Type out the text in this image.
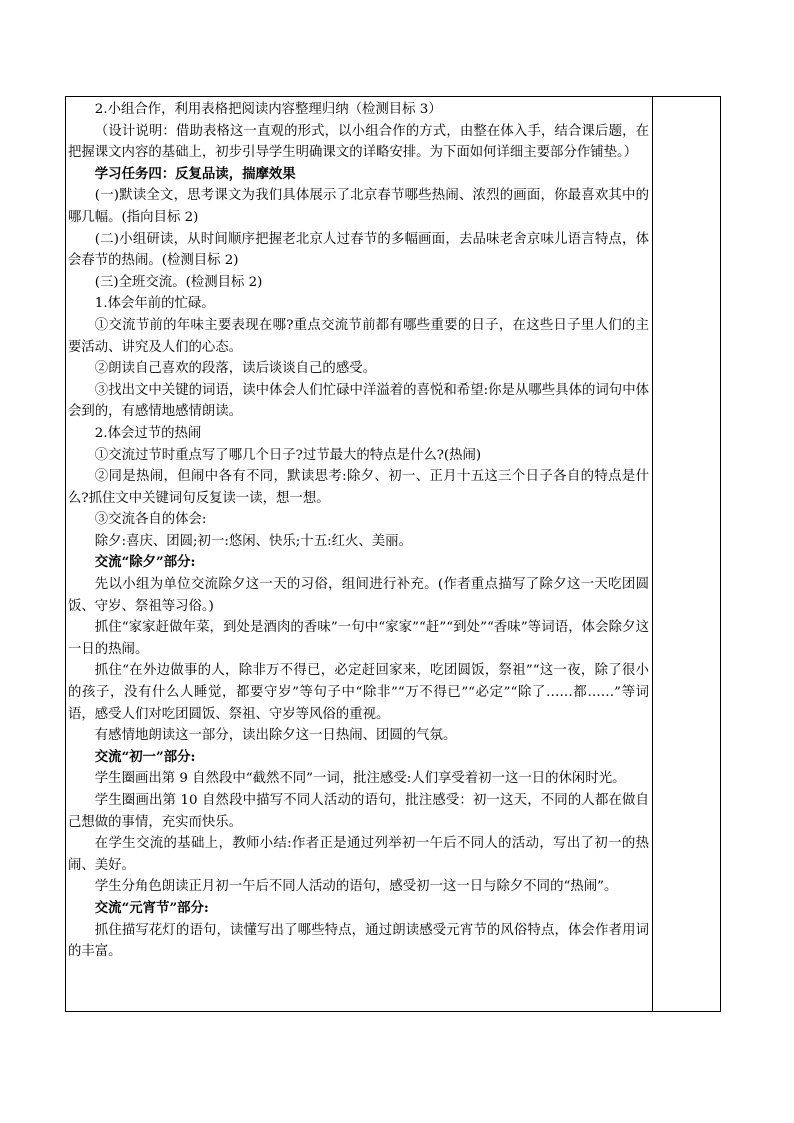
2.小组合作，利用表格把阅读内容整理归纳（检测目标 3）

（设计说明：借助表格这一直观的形式，以小组合作的方式，由整在体入手，结合课后题，在把握课文内容的基础上，初步引导学生明确课文的详略安排。为下面如何详细主要部分作铺垫。）

学习任务四：反复品读，揣摩效果

(一)默读全文，思考课文为我们具体展示了北京春节哪些热闹、浓烈的画面，你最喜欢其中的哪几幅。(指向目标 2)

(二)小组研读，从时间顺序把握老北京人过春节的多幅画面，去品味老舍京味儿语言特点，体会春节的热闹。(检测目标 2)

(三)全班交流。(检测目标 2)

1.体会年前的忙碌。

①交流节前的年味主要表现在哪?重点交流节前都有哪些重要的日子，在这些日子里人们的主要活动、讲究及人们的心态。

②朗读自己喜欢的段落，读后谈谈自己的感受。

③找出文中关键的词语，读中体会人们忙碌中洋溢着的喜悦和希望:你是从哪些具体的词句中体会到的，有感情地感情朗读。

2.体会过节的热闹

①交流过节时重点写了哪几个日子?过节最大的特点是什么?(热闹)

②同是热闹，但闹中各有不同，默读思考:除夕、初一、正月十五这三个日子各自的特点是什么?抓住文中关键词句反复读一读，想一想。

③交流各自的体会:

除夕:喜庆、团圆;初一:悠闲、快乐;十五:红火、美丽。

交流“除夕”部分:

先以小组为单位交流除夕这一天的习俗，组间进行补充。(作者重点描写了除夕这一天吃团圆饭、守岁、祭祖等习俗。)

抓住“家家赶做年菜，到处是酒肉的香味”一句中“家家”“赶”“到处”“香味”等词语，体会除夕这一日的热闹。

抓住“在外边做事的人，除非万不得已，必定赶回家来，吃团圆饭，祭祖”“这一夜，除了很小的孩子，没有什么人睡觉，都要守岁”等句子中“除非”“万不得已”“必定”“除了……都……”等词语，感受人们对吃团圆饭、祭祖、守岁等风俗的重视。

有感情地朗读这一部分，读出除夕这一日热闹、团圆的气氛。

交流“初一”部分:

学生圈画出第 9 自然段中“截然不同”一词，批注感受:人们享受着初一这一日的休闲时光。

学生圈画出第 10 自然段中描写不同人活动的语句，批注感受：初一这天，不同的人都在做自己想做的事情，充实而快乐。

在学生交流的基础上，教师小结:作者正是通过列举初一午后不同人的活动，写出了初一的热闹、美好。

学生分角色朗读正月初一午后不同人活动的语句，感受初一这一日与除夕不同的“热闹”。

交流“元宵节”部分:

抓住描写花灯的语句，读懂写出了哪些特点，通过朗读感受元宵节的风俗特点，体会作者用词的丰富。
